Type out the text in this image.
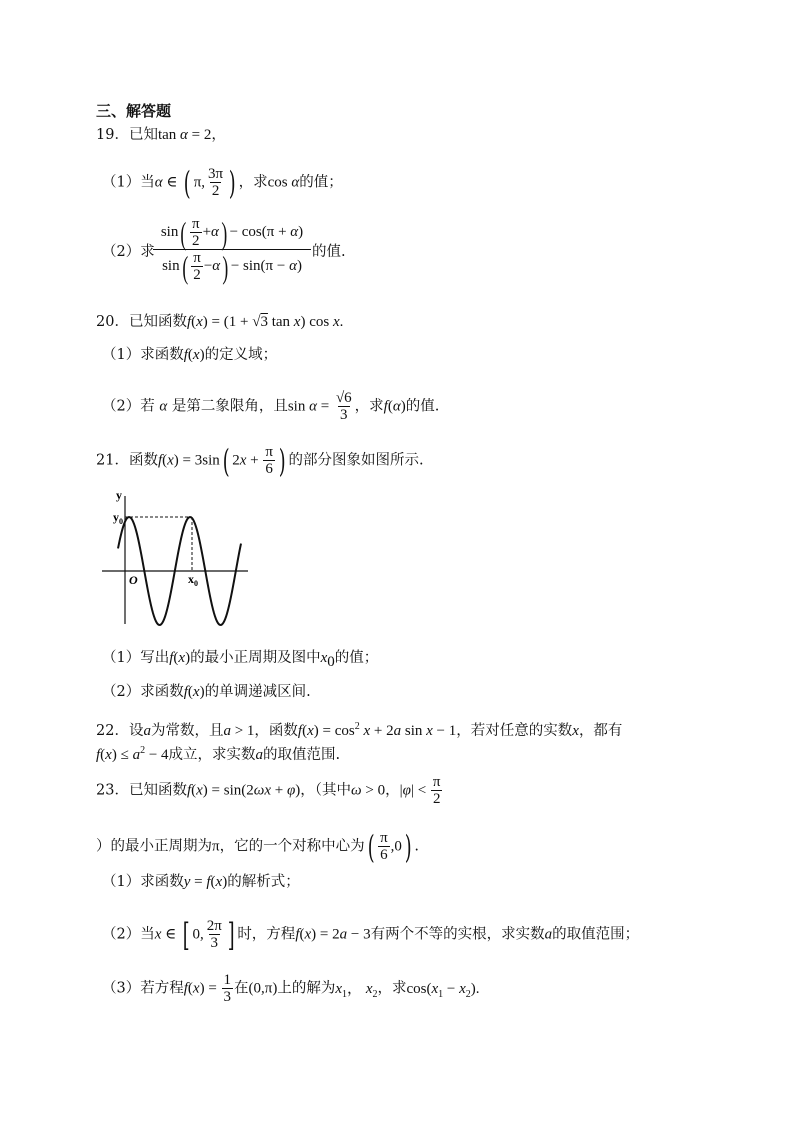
三、解答题
19．已知tan α = 2，
（1）当α ∈ ( π, $\frac{3\pi}{2}$ ) ，求cos α的值；
（2）求
$\frac{\sin( \frac{\pi}{2} +\alpha) - \cos(\pi + \alpha)}{\sin( \frac{\pi}{2} -\alpha) - \sin(\pi - \alpha)}$ 的值.
20．已知函数f(x) = (1 + √3 tan x) cos x.
（1）求函数f(x)的定义域；
（2）若 α 是第二象限角，且$\sin \alpha = \frac{√6}{3}$ ，求f(α)的值.
21．函数f(x) = 3sin( $2x + \frac{\pi}{6}$ ) 的部分图象如图所示.
y
$y_0$
O	$x_0$
（1）写出f(x)的最小正周期及图中$x_0$的值；
（2）求函数f(x)的单调递减区间.
22．设a为常数，且a > 1，函数$f(x) = \cos^2 x + 2a$ sin x − 1，若对任意的实数x，都有
$f(x) \le a^2 - 4$成立，求实数a的取值范围.
23．已知函数f(x) = sin(2ωx + φ)，（其中ω > 0，$|\varphi| < \frac{\pi}{2}$
）的最小正周期为π，它的一个对称中心为( $\frac{\pi}{6} ,0$) .
（1）求函数y = f(x)的解析式；
（2）当x ∈ [ 0, $\frac{2\pi}{3}$ ] 时，方程f(x) = 2a − 3有两个不等的实根，求实数a的取值范围；
（3）若方程$f(x) = \frac{1}{3}$ 在(0,π)上的解为$x_1$， $x_2$，求$\cos(x_1 - x_2)$.
